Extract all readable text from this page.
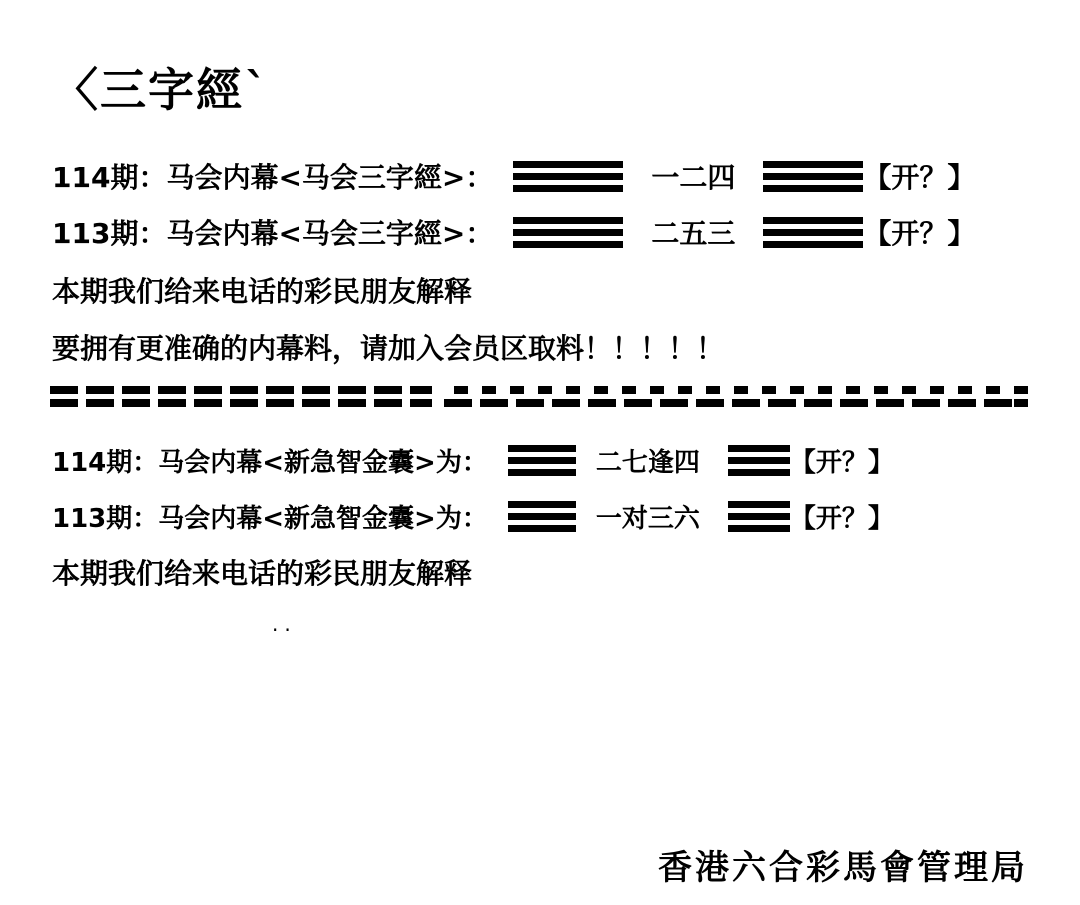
〈三字經`
114期：马会内幕<马会三字經>：	一二四	【开？】
113期：马会内幕<马会三字經>：	二五三	【开？】
本期我们给来电话的彩民朋友解释
要拥有更准确的内幕料，请加入会员区取料！！！！！
114期：马会内幕<新急智金囊>为：	二七逢四	【开？】
113期：马会内幕<新急智金囊>为：	一对三六	【开？】
本期我们给来电话的彩民朋友解释
..
香港六合彩馬會管理局
